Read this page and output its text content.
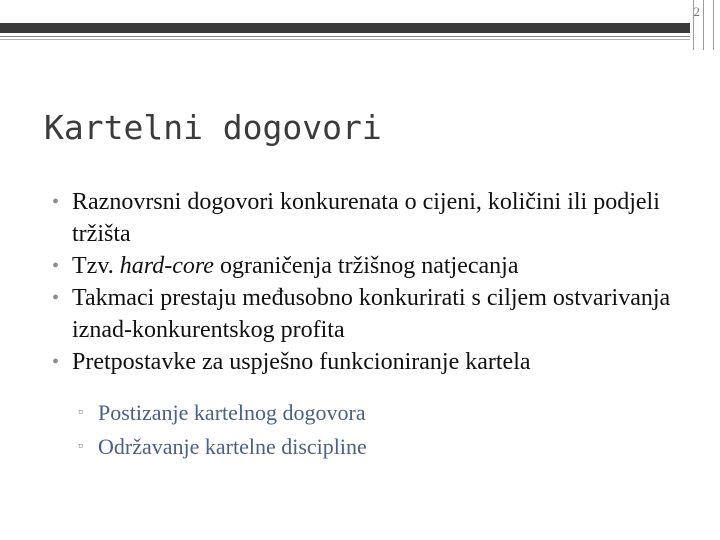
2
Kartelni dogovori
• Raznovrsni dogovori konkurenata o cijeni, količini ili podjeli tržišta
• Tzv. hard-core ograničenja tržišnog natjecanja
• Takmaci prestaju međusobno konkurirati s ciljem ostvarivanja iznad-konkurentskog profita
• Pretpostavke za uspješno funkcioniranje kartela
▫ Postizanje kartelnog dogovora
▫ Održavanje kartelne discipline
